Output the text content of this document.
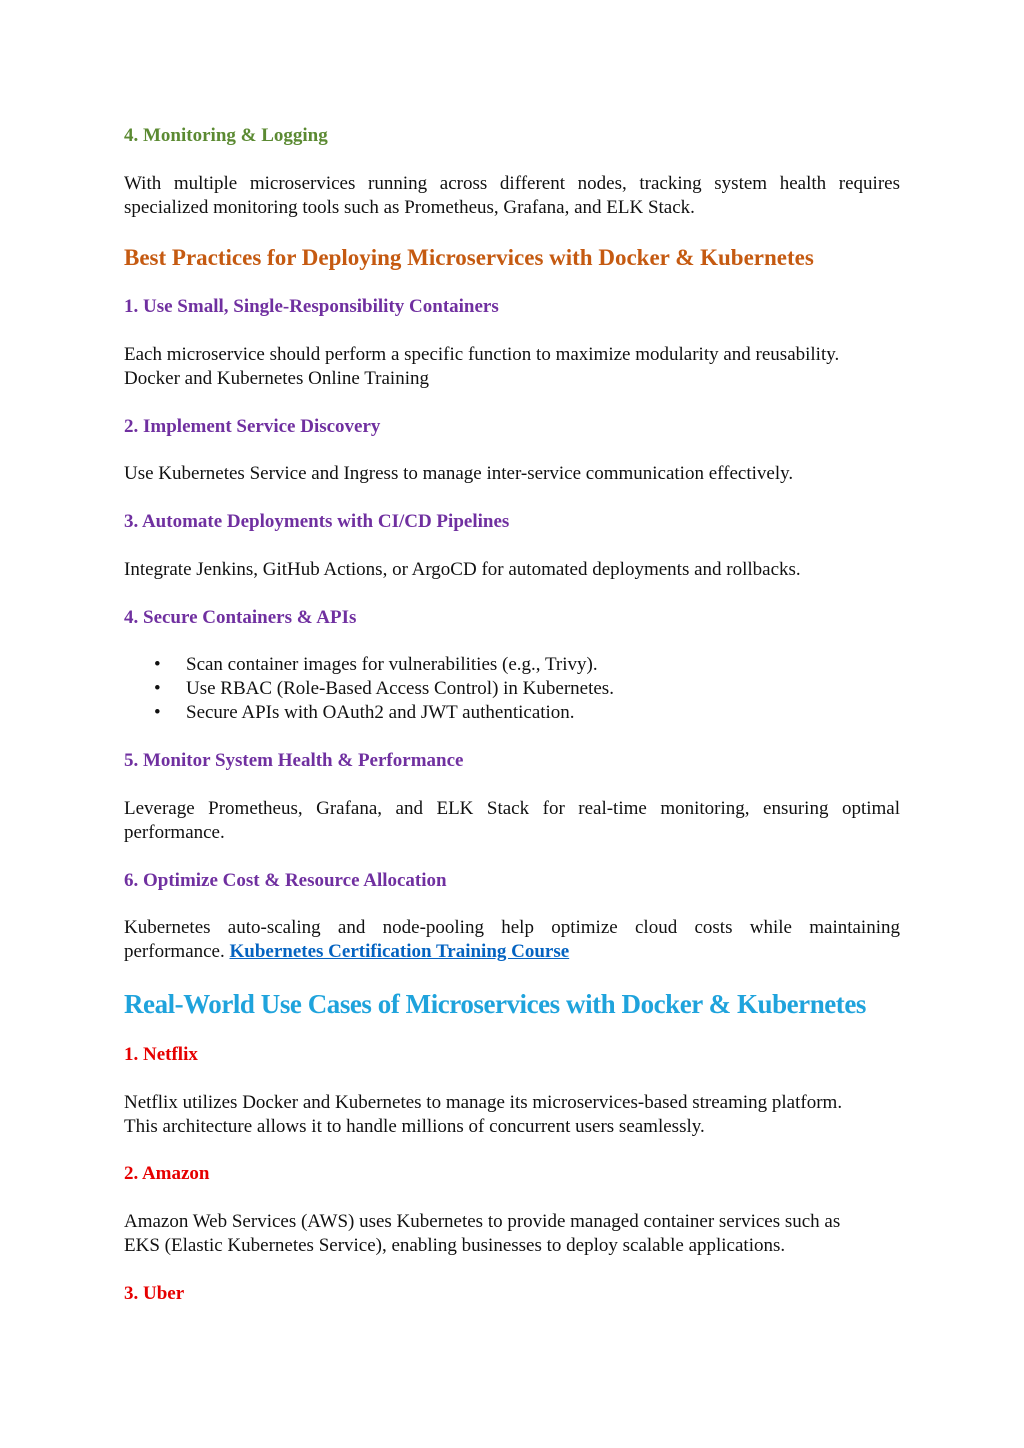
4. Monitoring & Logging
With multiple microservices running across different nodes, tracking system health requires
specialized monitoring tools such as Prometheus, Grafana, and ELK Stack.
Best Practices for Deploying Microservices with Docker & Kubernetes
1. Use Small, Single-Responsibility Containers
Each microservice should perform a specific function to maximize modularity and reusability.
Docker and Kubernetes Online Training
2. Implement Service Discovery
Use Kubernetes Service and Ingress to manage inter-service communication effectively.
3. Automate Deployments with CI/CD Pipelines
Integrate Jenkins, GitHub Actions, or ArgoCD for automated deployments and rollbacks.
4. Secure Containers & APIs
• Scan container images for vulnerabilities (e.g., Trivy).
• Use RBAC (Role-Based Access Control) in Kubernetes.
• Secure APIs with OAuth2 and JWT authentication.
5. Monitor System Health & Performance
Leverage Prometheus, Grafana, and ELK Stack for real-time monitoring, ensuring optimal
performance.
6. Optimize Cost & Resource Allocation
Kubernetes auto-scaling and node-pooling help optimize cloud costs while maintaining
performance. Kubernetes Certification Training Course
Real-World Use Cases of Microservices with Docker & Kubernetes
1. Netflix
Netflix utilizes Docker and Kubernetes to manage its microservices-based streaming platform.
This architecture allows it to handle millions of concurrent users seamlessly.
2. Amazon
Amazon Web Services (AWS) uses Kubernetes to provide managed container services such as
EKS (Elastic Kubernetes Service), enabling businesses to deploy scalable applications.
3. Uber
